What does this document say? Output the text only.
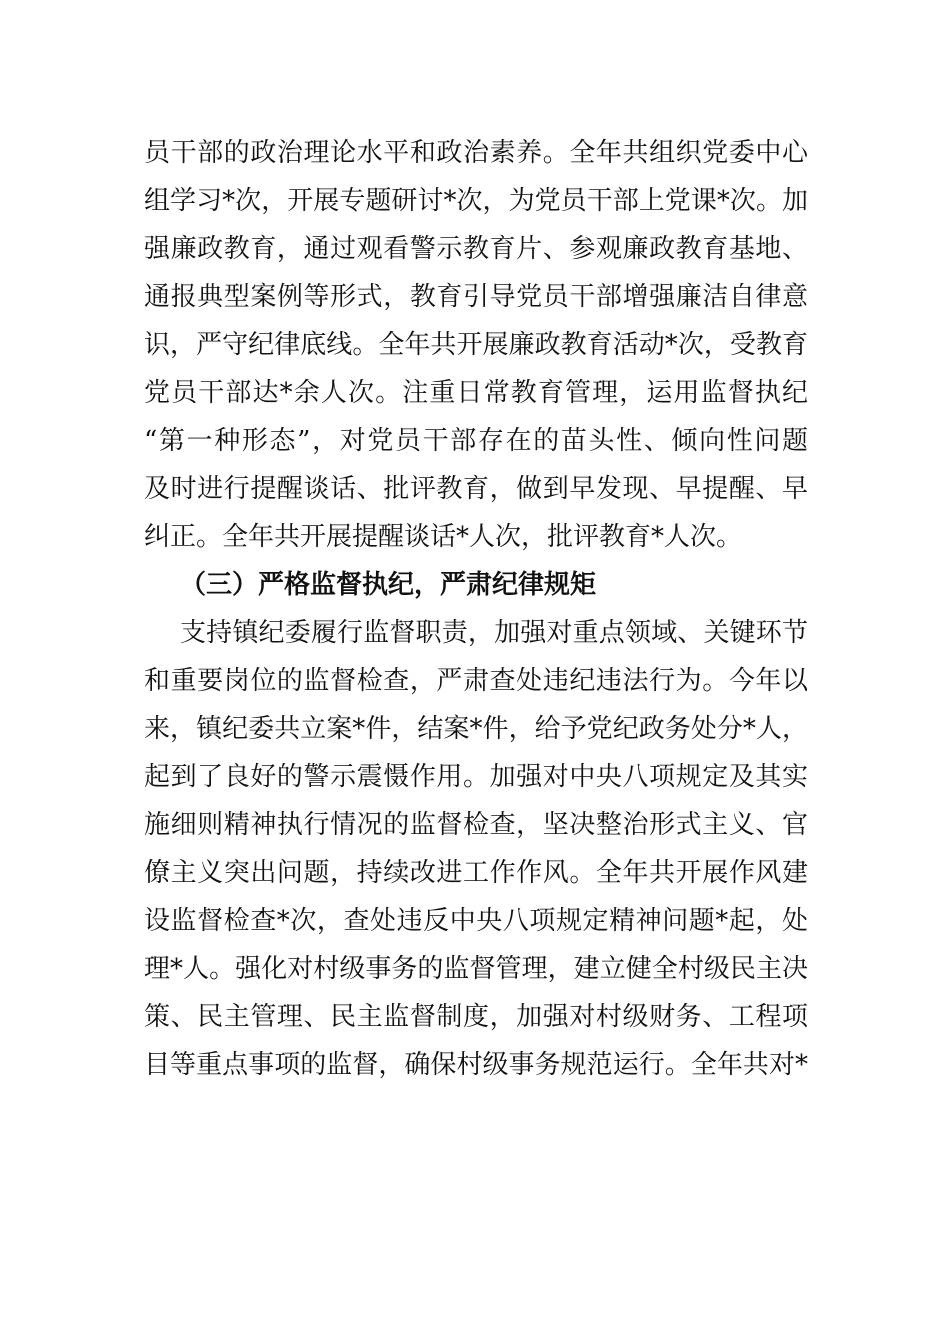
员干部的政治理论水平和政治素养。全年共组织党委中心
组学习*次，开展专题研讨*次，为党员干部上党课*次。加
强廉政教育，通过观看警示教育片、参观廉政教育基地、
通报典型案例等形式，教育引导党员干部增强廉洁自律意
识，严守纪律底线。全年共开展廉政教育活动*次，受教育
党员干部达*余人次。注重日常教育管理，运用监督执纪
“第一种形态”，对党员干部存在的苗头性、倾向性问题
及时进行提醒谈话、批评教育，做到早发现、早提醒、早
纠正。全年共开展提醒谈话*人次，批评教育*人次。
（三）严格监督执纪，严肃纪律规矩
支持镇纪委履行监督职责，加强对重点领域、关键环节
和重要岗位的监督检查，严肃查处违纪违法行为。今年以
来，镇纪委共立案*件，结案*件，给予党纪政务处分*人，
起到了良好的警示震慑作用。加强对中央八项规定及其实
施细则精神执行情况的监督检查，坚决整治形式主义、官
僚主义突出问题，持续改进工作作风。全年共开展作风建
设监督检查*次，查处违反中央八项规定精神问题*起，处
理*人。强化对村级事务的监督管理，建立健全村级民主决
策、民主管理、民主监督制度，加强对村级财务、工程项
目等重点事项的监督，确保村级事务规范运行。全年共对*
